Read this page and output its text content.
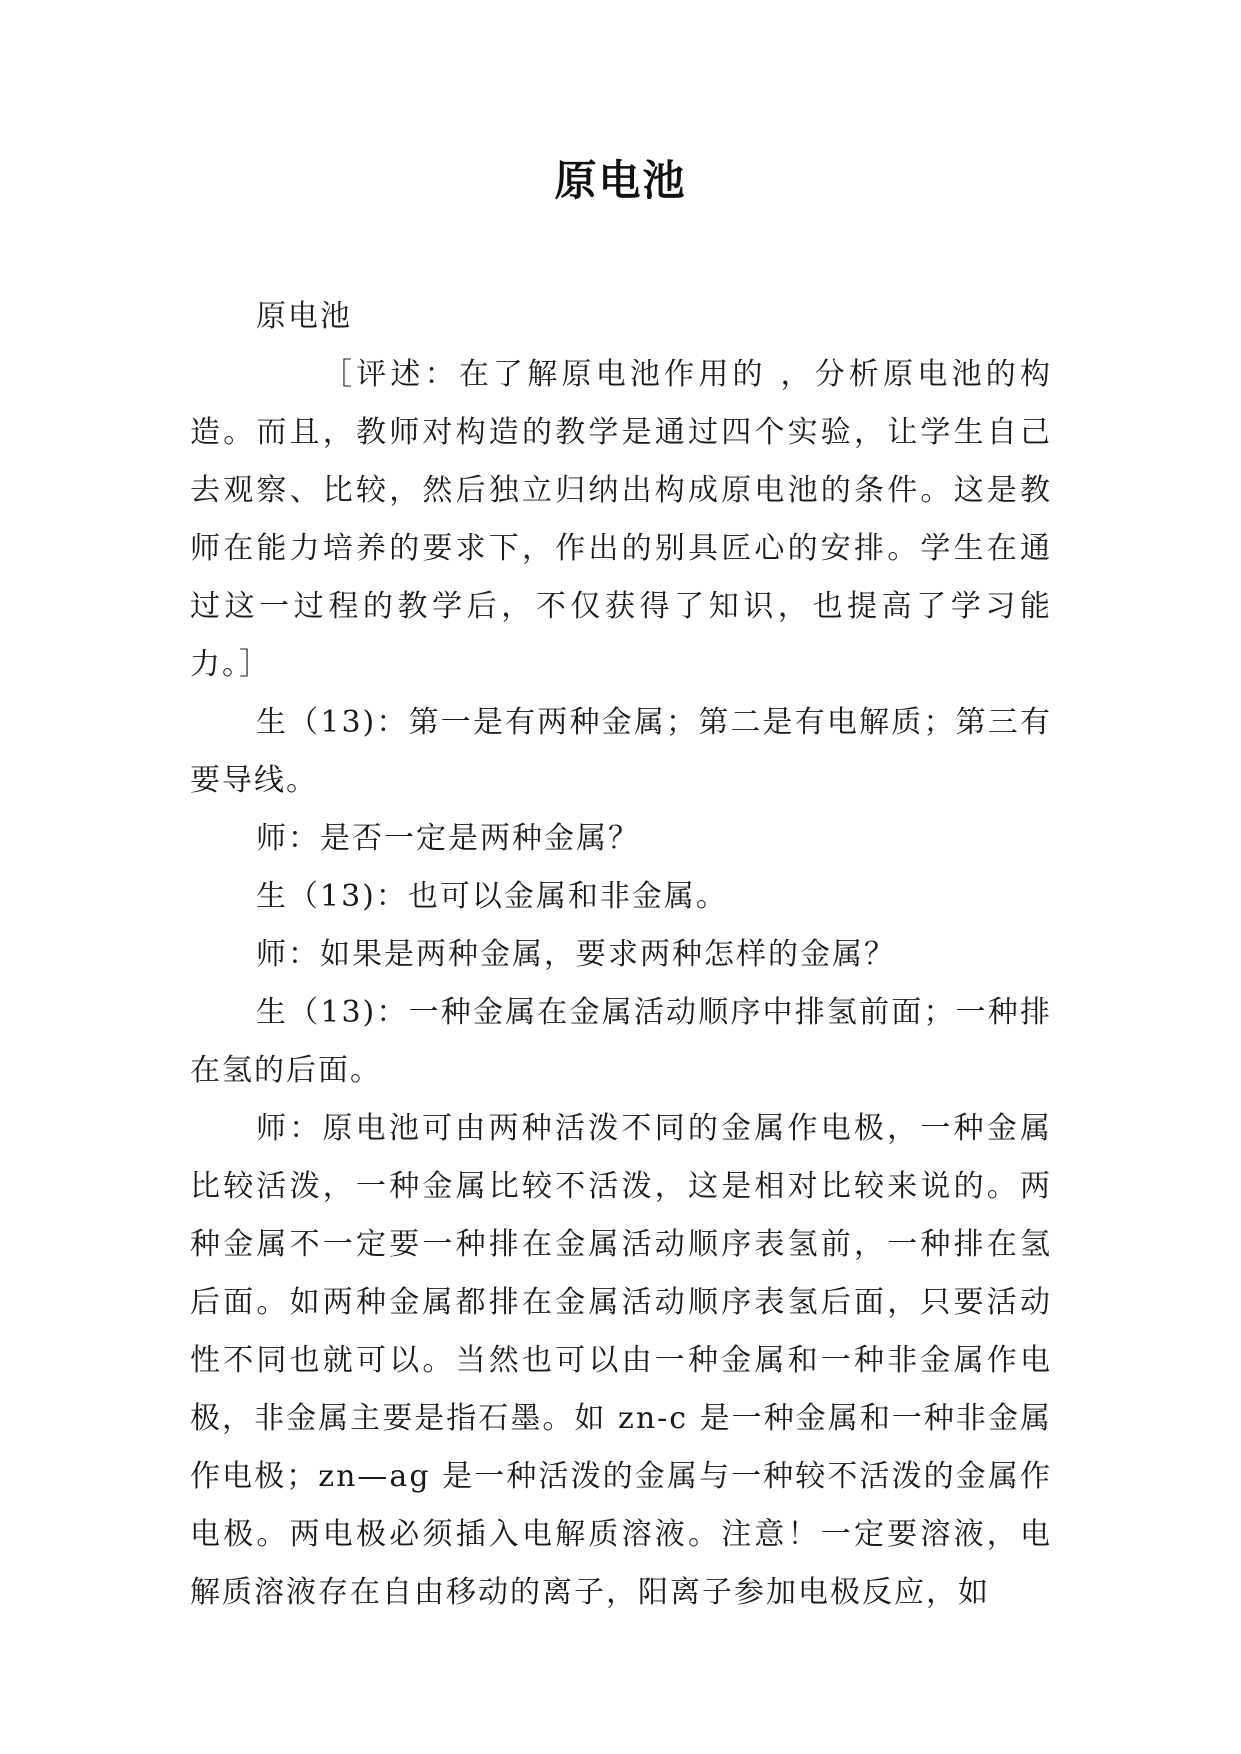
原电池

原电池

［评述：在了解原电池作用的 ，分析原电池的构造。而且，教师对构造的教学是通过四个实验，让学生自己去观察、比较，然后独立归纳出构成原电池的条件。这是教师在能力培养的要求下，作出的别具匠心的安排。学生在通过这一过程的教学后，不仅获得了知识，也提高了学习能力。］

生（13)：第一是有两种金属；第二是有电解质；第三有要导线。

师：是否一定是两种金属？

生（13)：也可以金属和非金属。

师：如果是两种金属，要求两种怎样的金属？

生（13)：一种金属在金属活动顺序中排氢前面；一种排在氢的后面。

师：原电池可由两种活泼不同的金属作电极，一种金属比较活泼，一种金属比较不活泼，这是相对比较来说的。两种金属不一定要一种排在金属活动顺序表氢前，一种排在氢后面。如两种金属都排在金属活动顺序表氢后面，只要活动性不同也就可以。当然也可以由一种金属和一种非金属作电极，非金属主要是指石墨。如 zn-c 是一种金属和一种非金属作电极；zn—ag 是一种活泼的金属与一种较不活泼的金属作电极。两电极必须插入电解质溶液。注意！一定要溶液，电解质溶液存在自由移动的离子，阳离子参加电极反应，如
